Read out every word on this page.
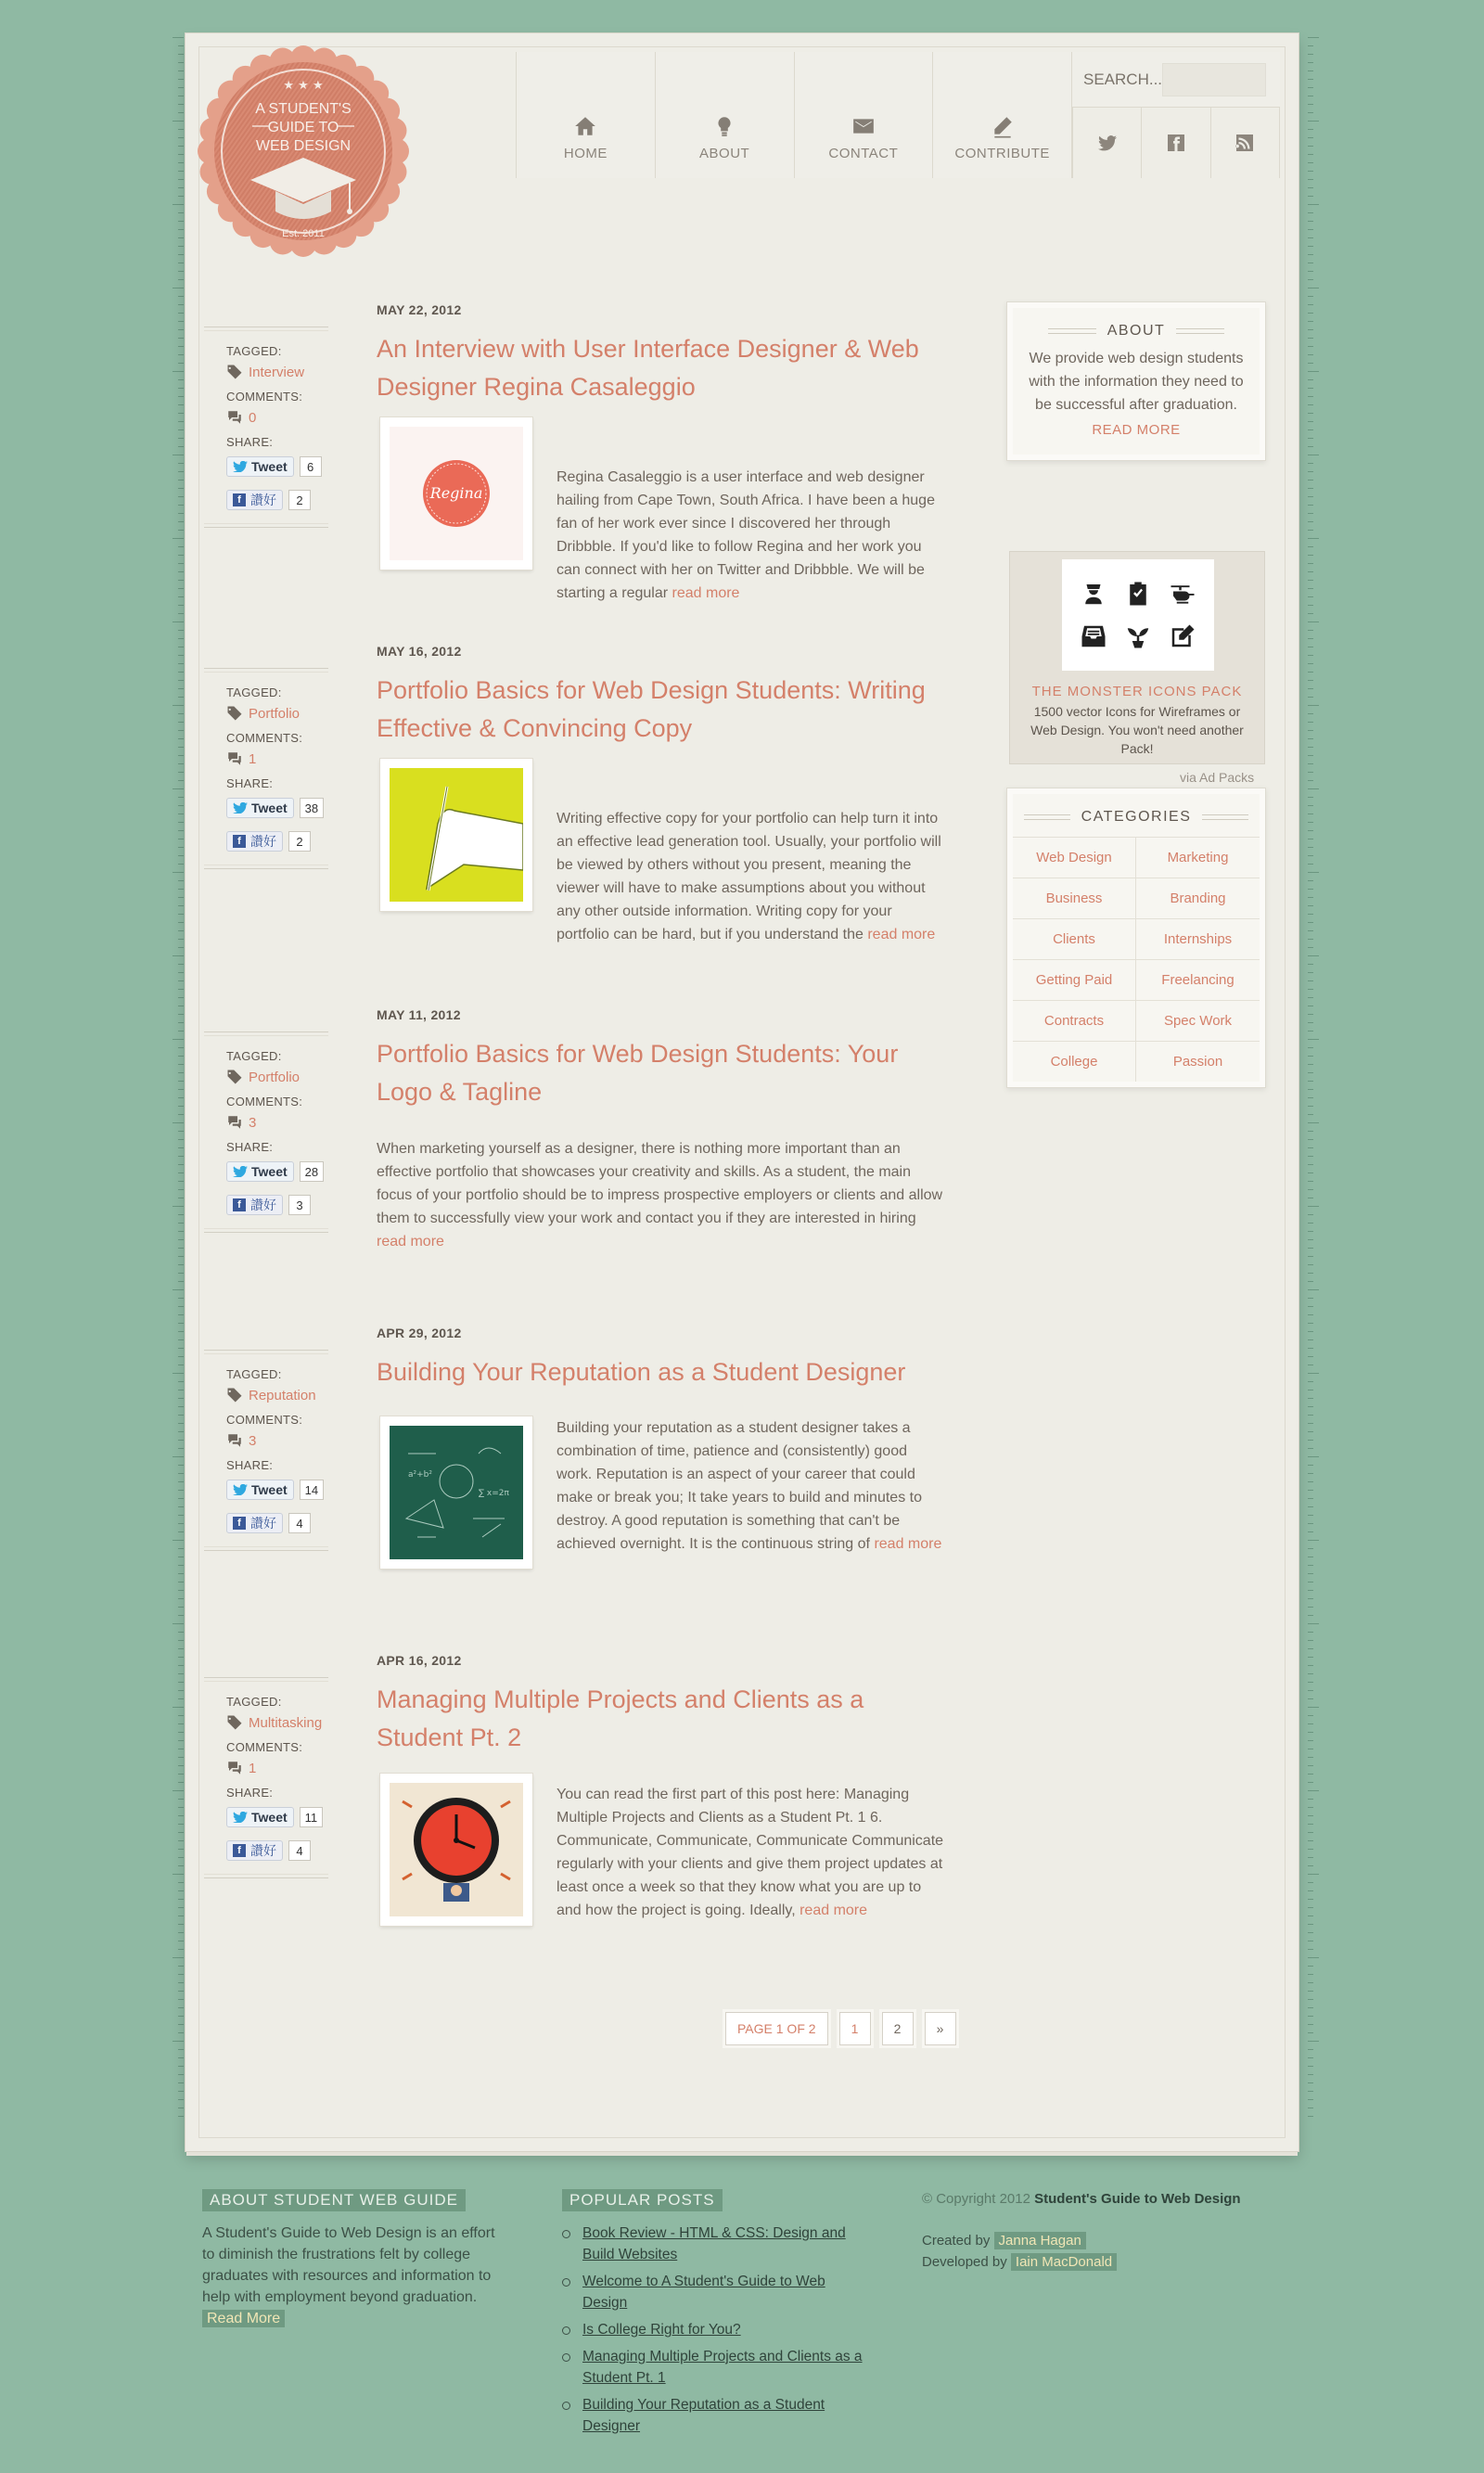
★ ★ ★
A STUDENT'S
GUIDE TO
WEB DESIGN
Est. 2011
HOME	ABOUT	CONTACT	CONTRIBUTE
SEARCH...
TAGGED:
Interview
COMMENTS:
0
SHARE:
Tweet	6
f 讚好	2
MAY 22, 2012
An Interview with User Interface Designer & Web Designer Regina Casaleggio
Regina
Regina Casaleggio is a user interface and web designer hailing from Cape Town, South Africa. I have been a huge fan of her work ever since I discovered her through Dribbble. If you'd like to follow Regina and her work you can connect with her on Twitter and Dribbble. We will be starting a regular read more
TAGGED:
Portfolio
COMMENTS:
1
SHARE:
Tweet	38
f 讚好	2
MAY 16, 2012
Portfolio Basics for Web Design Students: Writing Effective & Convincing Copy
Writing effective copy for your portfolio can help turn it into an effective lead generation tool. Usually, your portfolio will be viewed by others without you present, meaning the viewer will have to make assumptions about you without any other outside information. Writing copy for your portfolio can be hard, but if you understand the read more
TAGGED:
Portfolio
COMMENTS:
3
SHARE:
Tweet	28
f 讚好	3
MAY 11, 2012
Portfolio Basics for Web Design Students: Your Logo & Tagline
When marketing yourself as a designer, there is nothing more important than an effective portfolio that showcases your creativity and skills. As a student, the main focus of your portfolio should be to impress prospective employers or clients and allow them to successfully view your work and contact you if they are interested in hiring read more
TAGGED:
Reputation
COMMENTS:
3
SHARE:
Tweet	14
f 讚好	4
APR 29, 2012
Building Your Reputation as a Student Designer
a²+b²
∑ x=2π
Building your reputation as a student designer takes a combination of time, patience and (consistently) good work. Reputation is an aspect of your career that could make or break you; It take years to build and minutes to destroy. A good reputation is something that can't be achieved overnight. It is the continuous string of read more
TAGGED:
Multitasking
COMMENTS:
1
SHARE:
Tweet	11
f 讚好	4
APR 16, 2012
Managing Multiple Projects and Clients as a Student Pt. 2
You can read the first part of this post here: Managing Multiple Projects and Clients as a Student Pt. 1 6. Communicate, Communicate, Communicate Communicate regularly with your clients and give them project updates at least once a week so that they know what you are up to and how the project is going. Ideally, read more
ABOUT

We provide web design students with the information they need to be successful after graduation.

READ MORE

THE MONSTER ICONS PACK
1500 vector Icons for Wireframes or Web Design. You won't need another Pack!
via Ad Packs
CATEGORIES
Web Design	Marketing
Business	Branding
Clients	Internships
Getting Paid	Freelancing
Contracts	Spec Work
College	Passion
PAGE 1 OF 2	1	2	»
ABOUT STUDENT WEB GUIDE

A Student's Guide to Web Design is an effort to diminish the frustrations felt by college graduates with resources and information to help with employment beyond graduation. Read More

POPULAR POSTS
Book Review - HTML & CSS: Design and Build Websites
Welcome to A Student's Guide to Web Design
Is College Right for You?
Managing Multiple Projects and Clients as a Student Pt. 1
Building Your Reputation as a Student Designer
© Copyright 2012 Student's Guide to Web Design
Created by Janna Hagan
Developed by Iain MacDonald
